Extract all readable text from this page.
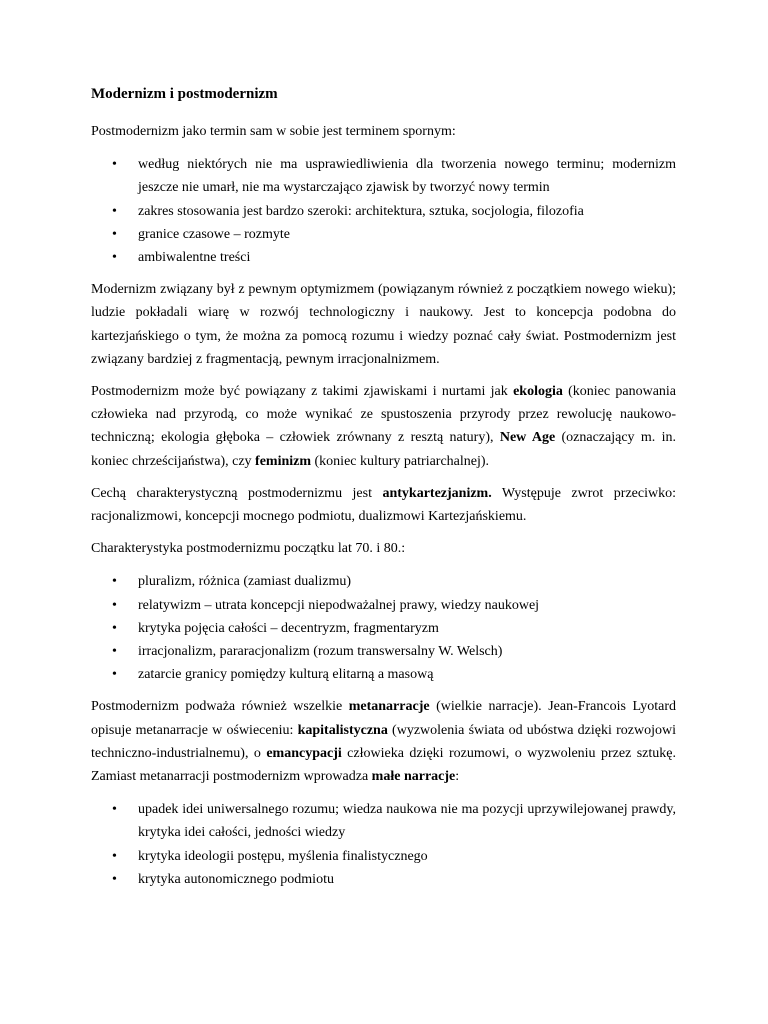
Modernizm i postmodernizm

Postmodernizm jako termin sam w sobie jest terminem spornym:

• według niektórych nie ma usprawiedliwienia dla tworzenia nowego terminu; modernizm jeszcze nie umarł, nie ma wystarczająco zjawisk by tworzyć nowy termin
• zakres stosowania jest bardzo szeroki: architektura, sztuka, socjologia, filozofia
• granice czasowe – rozmyte
• ambiwalentne treści

Modernizm związany był z pewnym optymizmem (powiązanym również z początkiem nowego wieku); ludzie pokładali wiarę w rozwój technologiczny i naukowy. Jest to koncepcja podobna do kartezjańskiego o tym, że można za pomocą rozumu i wiedzy poznać cały świat. Postmodernizm jest związany bardziej z fragmentacją, pewnym irracjonalnizmem.

Postmodernizm może być powiązany z takimi zjawiskami i nurtami jak ekologia (koniec panowania człowieka nad przyrodą, co może wynikać ze spustoszenia przyrody przez rewolucję naukowo-techniczną; ekologia głęboka – człowiek zrównany z resztą natury), New Age (oznaczający m. in. koniec chrześcijaństwa), czy feminizm (koniec kultury patriarchalnej).

Cechą charakterystyczną postmodernizmu jest antykartezjanizm. Występuje zwrot przeciwko: racjonalizmowi, koncepcji mocnego podmiotu, dualizmowi Kartezjańskiemu.

Charakterystyka postmodernizmu początku lat 70. i 80.:

• pluralizm, różnica (zamiast dualizmu)
• relatywizm – utrata koncepcji niepodważalnej prawy, wiedzy naukowej
• krytyka pojęcia całości – decentryzm, fragmentaryzm
• irracjonalizm, pararacjonalizm (rozum transwersalny W. Welsch)
• zatarcie granicy pomiędzy kulturą elitarną a masową

Postmodernizm podważa również wszelkie metanarracje (wielkie narracje). Jean-Francois Lyotard opisuje metanarracje w oświeceniu: kapitalistyczna (wyzwolenia świata od ubóstwa dzięki rozwojowi techniczno-industrialnemu), o emancypacji człowieka dzięki rozumowi, o wyzwoleniu przez sztukę. Zamiast metanarracji postmodernizm wprowadza małe narracje:

• upadek idei uniwersalnego rozumu; wiedza naukowa nie ma pozycji uprzywilejowanej prawdy, krytyka idei całości, jedności wiedzy
• krytyka ideologii postępu, myślenia finalistycznego
• krytyka autonomicznego podmiotu
